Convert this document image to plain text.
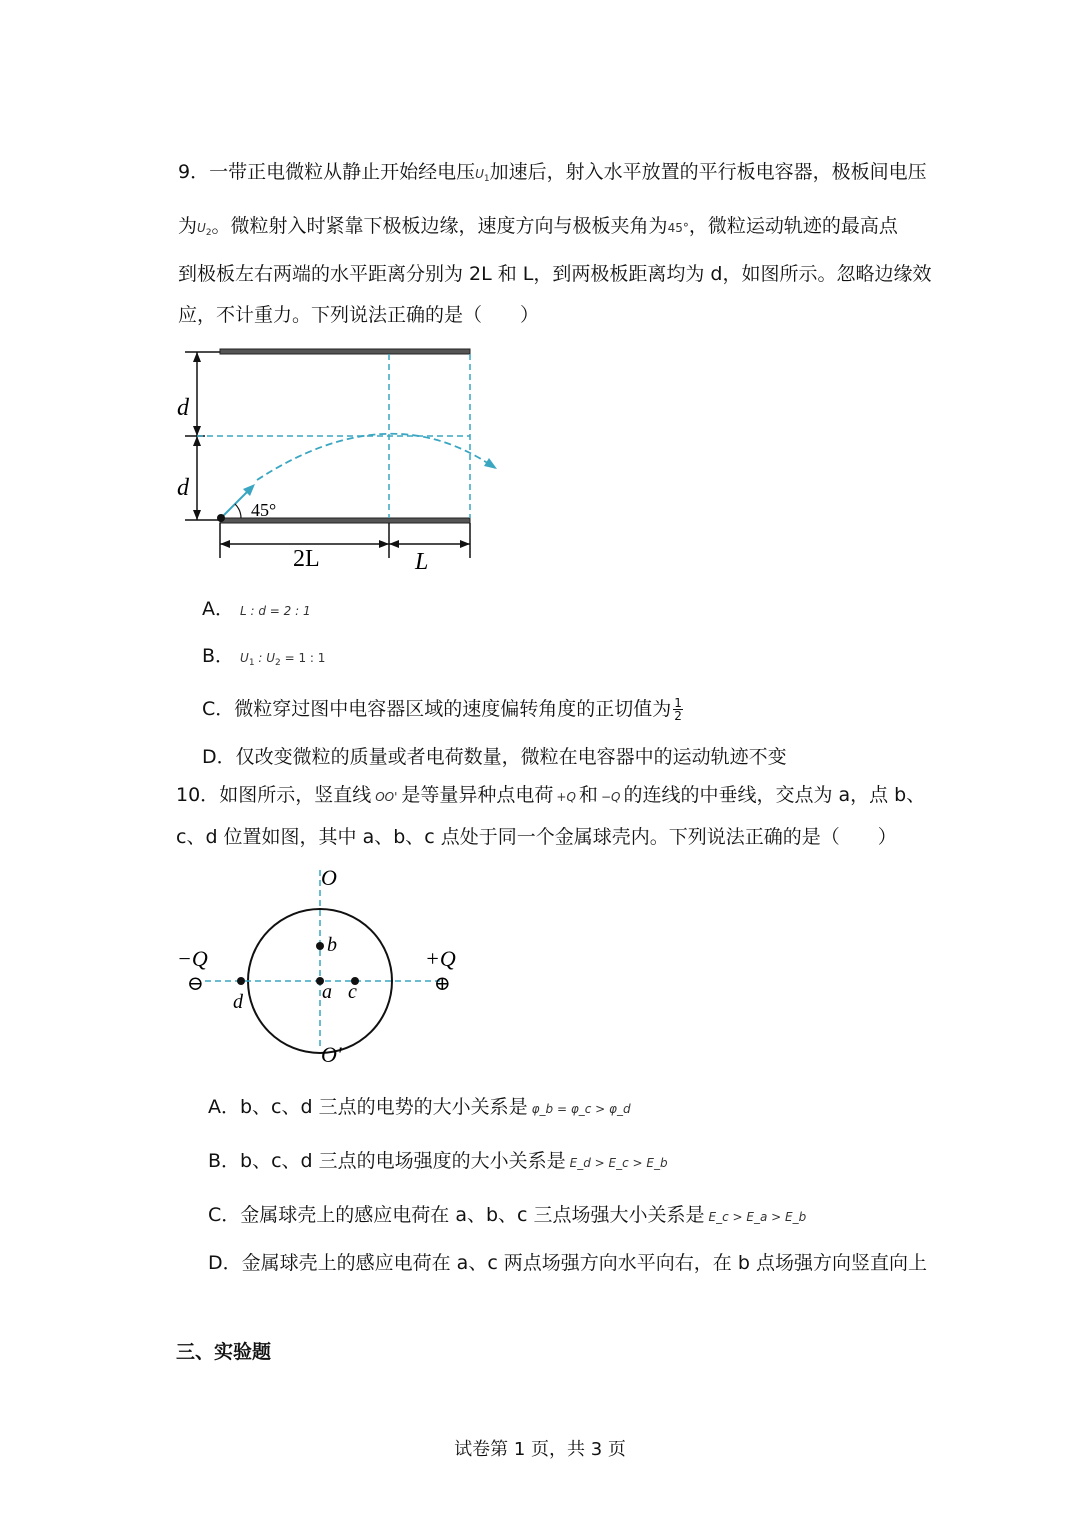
9．一带正电微粒从静止开始经电压$U_1$加速后，射入水平放置的平行板电容器，极板间电压
为$U_2$。微粒射入时紧靠下极板边缘，速度方向与极板夹角为45°，微粒运动轨迹的最高点
到极板左右两端的水平距离分别为 2L 和 L，到两极板距离均为 d，如图所示。忽略边缘效
应，不计重力。下列说法正确的是（　　）
d
d
45°
2L	L
A． L : d = 2 : 1
B． $U_1$ : $U_2 = 1$ : 1
C．微粒穿过图中电容器区域的速度偏转角度的正切值为 $\frac{1}{2}$
D．仅改变微粒的质量或者电荷数量，微粒在电容器中的运动轨迹不变
10．如图所示，竖直线 OO' 是等量异种点电荷 +Q 和 −Q 的连线的中垂线，交点为 a，点 b、
c、d 位置如图，其中 a、b、c 点处于同一个金属球壳内。下列说法正确的是（　　）
O
O'
−Q
⊖
+Q
⊕
a
b
c
d
A．b、c、d 三点的电势的大小关系是 φ_b = φ_c > φ_d
B．b、c、d 三点的电场强度的大小关系是 E_d > E_c > E_b
C．金属球壳上的感应电荷在 a、b、c 三点场强大小关系是 E_c > E_a > E_b
D．金属球壳上的感应电荷在 a、c 两点场强方向水平向右，在 b 点场强方向竖直向上
三、实验题
试卷第 1 页，共 3 页
